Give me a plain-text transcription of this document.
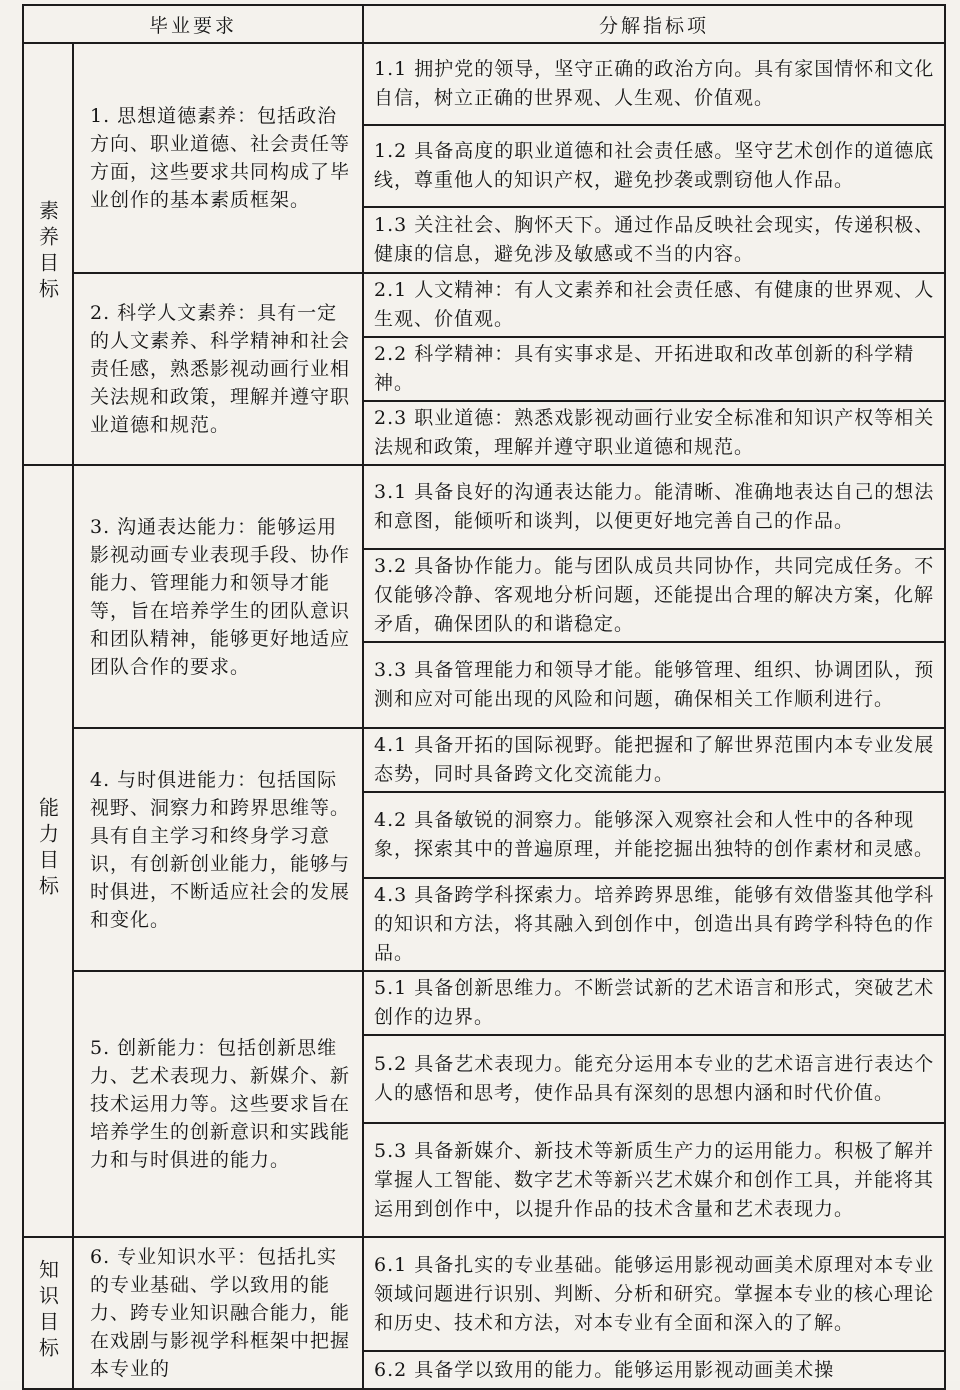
毕业要求		分解指标项
素养目标	1. 思想道德素养：包括政治方向、职业道德、社会责任等方面，这些要求共同构成了毕业创作的基本素质框架。	1.1 拥护党的领导，坚守正确的政治方向。具有家国情怀和文化自信，树立正确的世界观、人生观、价值观。
		1.2 具备高度的职业道德和社会责任感。坚守艺术创作的道德底线，尊重他人的知识产权，避免抄袭或剽窃他人作品。
		1.3 关注社会、胸怀天下。通过作品反映社会现实，传递积极、健康的信息，避免涉及敏感或不当的内容。

	2. 科学人文素养：具有一定的人文素养、科学精神和社会责任感，熟悉影视动画行业相关法规和政策，理解并遵守职业道德和规范。	2.1 人文精神：有人文素养和社会责任感、有健康的世界观、人生观、价值观。
		2.2 科学精神：具有实事求是、开拓进取和改革创新的科学精神。
		2.3 职业道德：熟悉戏影视动画行业安全标准和知识产权等相关法规和政策，理解并遵守职业道德和规范。
能力目标	3. 沟通表达能力：能够运用影视动画专业表现手段、协作能力、管理能力和领导才能等，旨在培养学生的团队意识和团队精神，能够更好地适应团队合作的要求。	3.1 具备良好的沟通表达能力。能清晰、准确地表达自己的想法和意图，能倾听和谈判，以便更好地完善自己的作品。
		3.2 具备协作能力。能与团队成员共同协作，共同完成任务。不仅能够冷静、客观地分析问题，还能提出合理的解决方案，化解矛盾，确保团队的和谐稳定。
		3.3 具备管理能力和领导才能。能够管理、组织、协调团队，预测和应对可能出现的风险和问题，确保相关工作顺利进行。

	4. 与时俱进能力：包括国际视野、洞察力和跨界思维等。具有自主学习和终身学习意识，有创新创业能力，能够与时俱进，不断适应社会的发展和变化。	4.1 具备开拓的国际视野。能把握和了解世界范围内本专业发展态势，同时具备跨文化交流能力。
		4.2 具备敏锐的洞察力。能够深入观察社会和人性中的各种现象，探索其中的普遍原理，并能挖掘出独特的创作素材和灵感。
		4.3 具备跨学科探索力。培养跨界思维，能够有效借鉴其他学科的知识和方法，将其融入到创作中，创造出具有跨学科特色的作品。

	5. 创新能力：包括创新思维力、艺术表现力、新媒介、新技术运用力等。这些要求旨在培养学生的创新意识和实践能力和与时俱进的能力。	5.1 具备创新思维力。不断尝试新的艺术语言和形式，突破艺术创作的边界。
		5.2 具备艺术表现力。能充分运用本专业的艺术语言进行表达个人的感悟和思考，使作品具有深刻的思想内涵和时代价值。
		5.3 具备新媒介、新技术等新质生产力的运用能力。积极了解并掌握人工智能、数字艺术等新兴艺术媒介和创作工具，并能将其运用到创作中，以提升作品的技术含量和艺术表现力。
知识目标	6. 专业知识水平：包括扎实的专业基础、学以致用的能力、跨专业知识融合能力，能在戏剧与影视学科框架中把握本专业的	6.1 具备扎实的专业基础。能够运用影视动画美术原理对本专业领域问题进行识别、判断、分析和研究。掌握本专业的核心理论和历史、技术和方法，对本专业有全面和深入的了解。
		6.2 具备学以致用的能力。能够运用影视动画美术操
